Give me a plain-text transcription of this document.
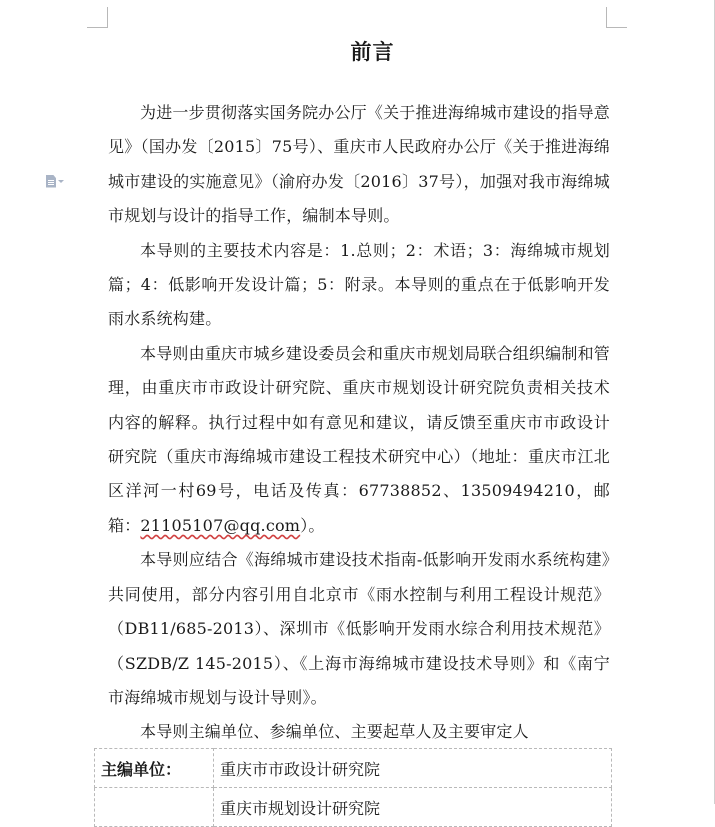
前言

为进一步贯彻落实国务院办公厅《关于推进海绵城市建设的指导意见》（国办发〔2015〕75号）、重庆市人民政府办公厅《关于推进海绵城市建设的实施意见》（渝府办发〔2016〕37号），加强对我市海绵城市规划与设计的指导工作，编制本导则。

本导则的主要技术内容是：1.总则；2：术语；3：海绵城市规划篇；4：低影响开发设计篇；5：附录。本导则的重点在于低影响开发雨水系统构建。

本导则由重庆市城乡建设委员会和重庆市规划局联合组织编制和管理，由重庆市市政设计研究院、重庆市规划设计研究院负责相关技术内容的解释。执行过程中如有意见和建议，请反馈至重庆市市政设计研究院（重庆市海绵城市建设工程技术研究中心）（地址：重庆市江北区洋河一村69号，电话及传真：67738852、13509494210，邮箱：21105107@qq.com）。

本导则应结合《海绵城市建设技术指南-低影响开发雨水系统构建》共同使用，部分内容引用自北京市《雨水控制与利用工程设计规范》（DB11/685-2013）、深圳市《低影响开发雨水综合利用技术规范》（SZDB/Z 145-2015）、《上海市海绵城市建设技术导则》和《南宁市海绵城市规划与设计导则》。

本导则主编单位、参编单位、主要起草人及主要审定人

主编单位：	重庆市市政设计研究院
	重庆市规划设计研究院
